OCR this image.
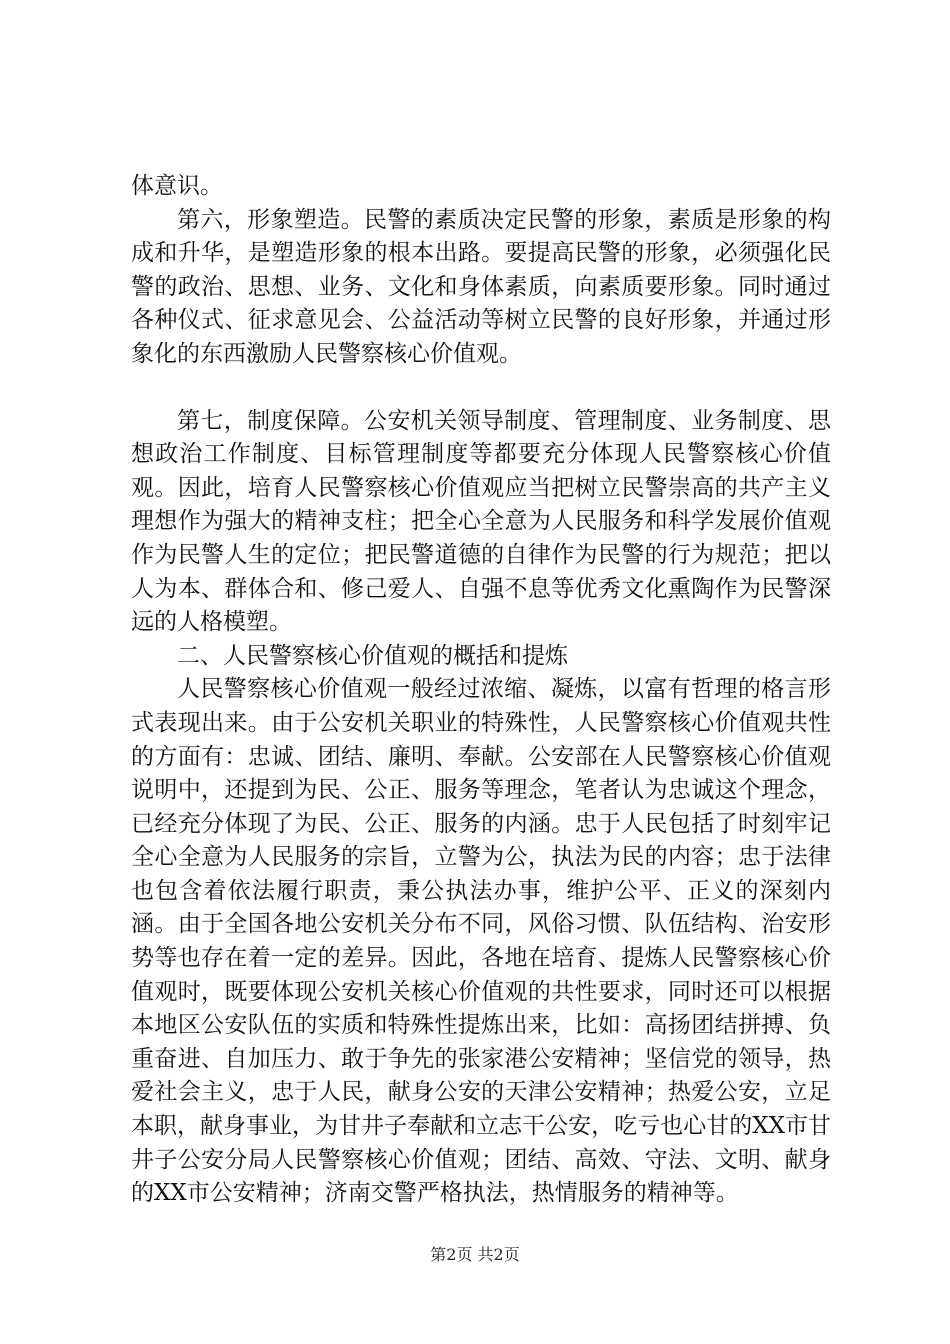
体意识。

第六，形象塑造。民警的素质决定民警的形象，素质是形象的构成和升华，是塑造形象的根本出路。要提高民警的形象，必须强化民警的政治、思想、业务、文化和身体素质，向素质要形象。同时通过各种仪式、征求意见会、公益活动等树立民警的良好形象，并通过形象化的东西激励人民警察核心价值观。

第七，制度保障。公安机关领导制度、管理制度、业务制度、思想政治工作制度、目标管理制度等都要充分体现人民警察核心价值观。因此，培育人民警察核心价值观应当把树立民警崇高的共产主义理想作为强大的精神支柱；把全心全意为人民服务和科学发展价值观作为民警人生的定位；把民警道德的自律作为民警的行为规范；把以人为本、群体合和、修己爱人、自强不息等优秀文化熏陶作为民警深远的人格模塑。

二、人民警察核心价值观的概括和提炼

人民警察核心价值观一般经过浓缩、凝炼，以富有哲理的格言形式表现出来。由于公安机关职业的特殊性，人民警察核心价值观共性的方面有：忠诚、团结、廉明、奉献。公安部在人民警察核心价值观说明中，还提到为民、公正、服务等理念，笔者认为忠诚这个理念，已经充分体现了为民、公正、服务的内涵。忠于人民包括了时刻牢记全心全意为人民服务的宗旨，立警为公，执法为民的内容；忠于法律也包含着依法履行职责，秉公执法办事，维护公平、正义的深刻内涵。由于全国各地公安机关分布不同，风俗习惯、队伍结构、治安形势等也存在着一定的差异。因此，各地在培育、提炼人民警察核心价值观时，既要体现公安机关核心价值观的共性要求，同时还可以根据本地区公安队伍的实质和特殊性提炼出来，比如：高扬团结拼搏、负重奋进、自加压力、敢于争先的张家港公安精神；坚信党的领导，热爱社会主义，忠于人民，献身公安的天津公安精神；热爱公安，立足本职，献身事业，为甘井子奉献和立志干公安，吃亏也心甘的XX市甘井子公安分局人民警察核心价值观；团结、高效、守法、文明、献身的XX市公安精神；济南交警严格执法，热情服务的精神等。

第2页 共2页
